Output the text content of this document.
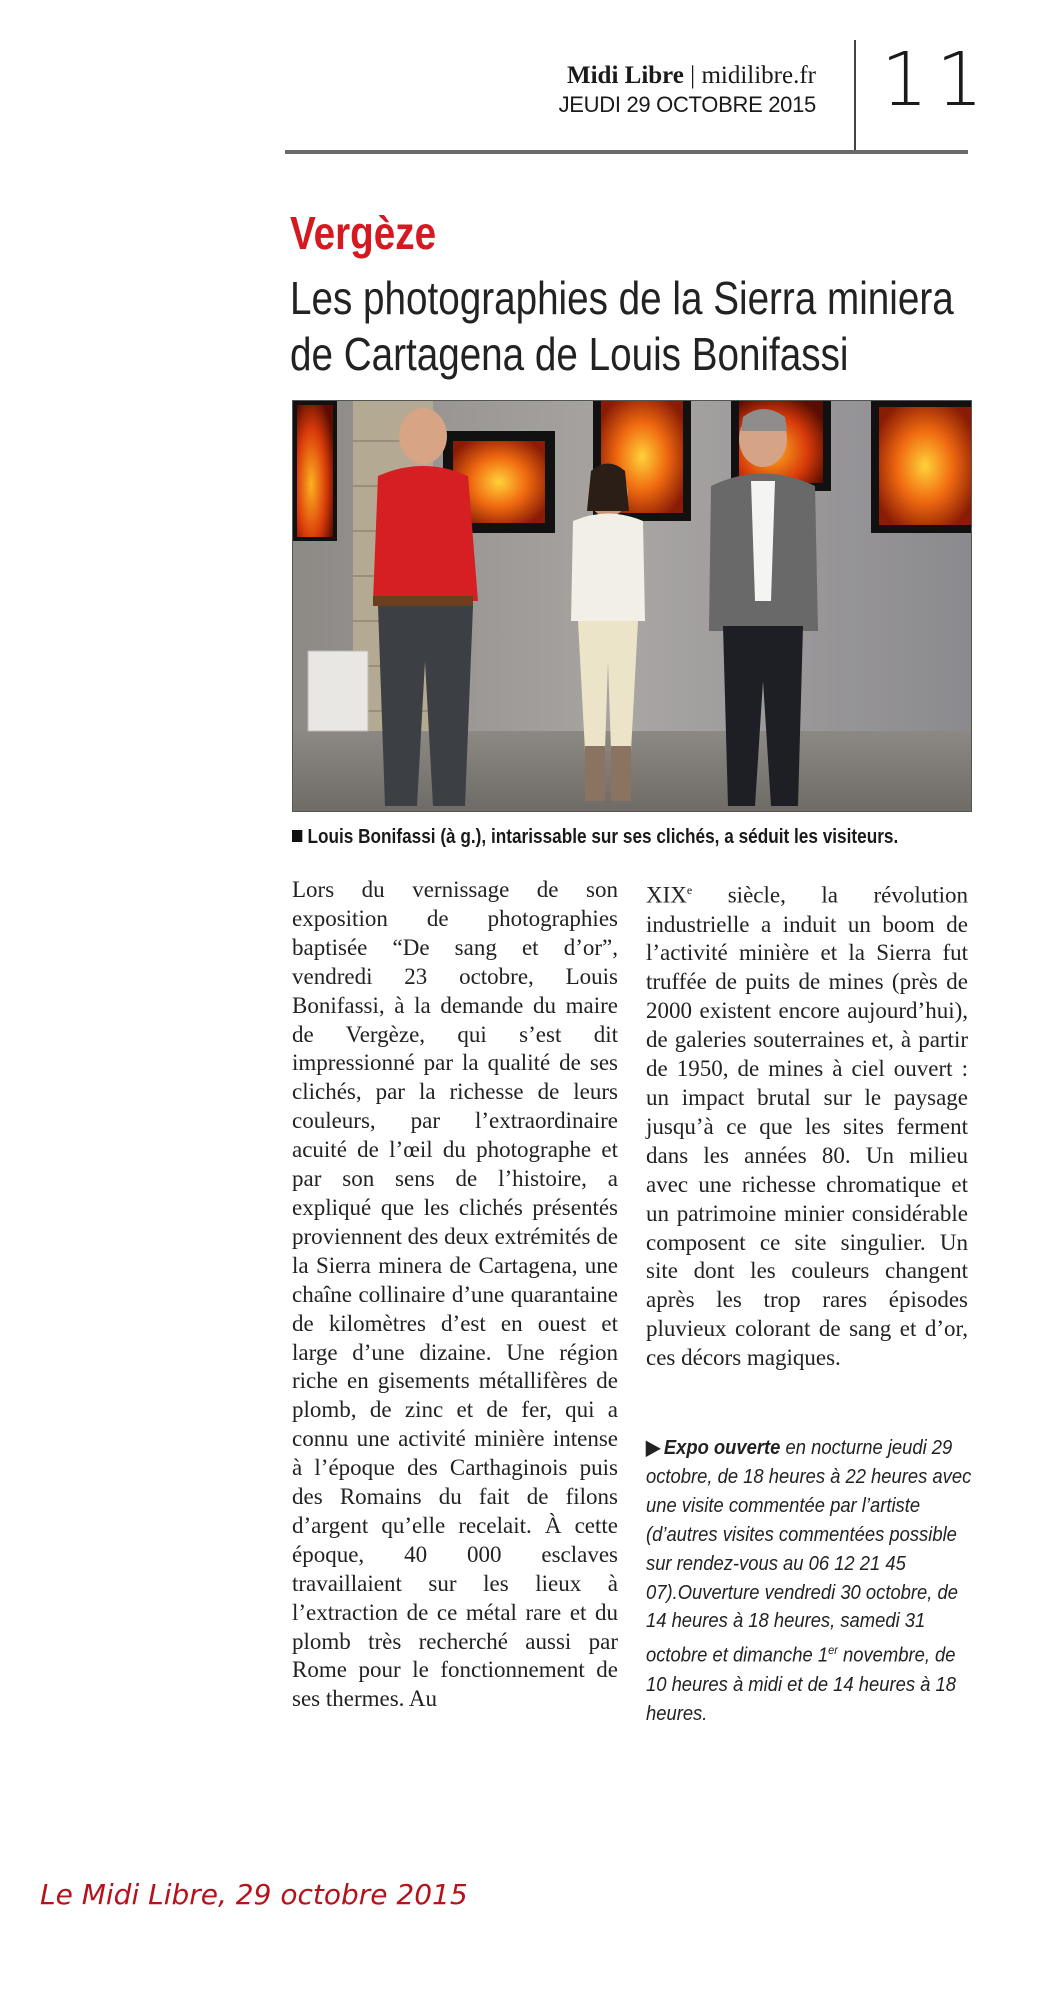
Midi Libre | midilibre.fr
JEUDI 29 OCTOBRE 2015 11
Vergèze
Les photographies de la Sierra miniera de Cartagena de Louis Bonifassi
Louis Bonifassi (à g.), intarissable sur ses clichés, a séduit les visiteurs.
Lors du vernissage de son exposition de photographies baptisée “De sang et d’or”, vendredi 23 octobre, Louis Bonifassi, à la demande du maire de Vergèze, qui s’est dit impressionné par la qualité de ses clichés, par la richesse de leurs couleurs, par l’extraordinaire acuité de l’œil du photographe et par son sens de l’histoire, a expliqué que les clichés présentés proviennent des deux extrémités de la Sierra minera de Cartagena, une chaîne collinaire d’une quarantaine de kilomètres d’est en ouest et large d’une dizaine. Une région riche en gisements métallifères de plomb, de zinc et de fer, qui a connu une activité minière intense à l’époque des Carthaginois puis des Romains du fait de filons d’argent qu’elle recelait. À cette époque, 40 000 esclaves travaillaient sur les lieux à l’extraction de ce métal rare et du plomb très recherché aussi par Rome pour le fonctionnement de ses thermes. Au
XIXe siècle, la révolution industrielle a induit un boom de l’activité minière et la Sierra fut truffée de puits de mines (près de 2000 existent encore aujourd’hui), de galeries souterraines et, à partir de 1950, de mines à ciel ouvert : un impact brutal sur le paysage jusqu’à ce que les sites ferment dans les années 80. Un milieu avec une richesse chromatique et un patrimoine minier considérable composent ce site singulier. Un site dont les couleurs changent après les trop rares épisodes pluvieux colorant de sang et d’or, ces décors magiques.
▶ Expo ouverte en nocturne jeudi 29 octobre, de 18 heures à 22 heures avec une visite commentée par l’artiste (d’autres visites commentées possible sur rendez-vous au 06 12 21 45 07).Ouverture vendredi 30 octobre, de 14 heures à 18 heures, samedi 31 octobre et dimanche 1er novembre, de 10 heures à midi et de 14 heures à 18 heures.
Le Midi Libre, 29 octobre 2015
